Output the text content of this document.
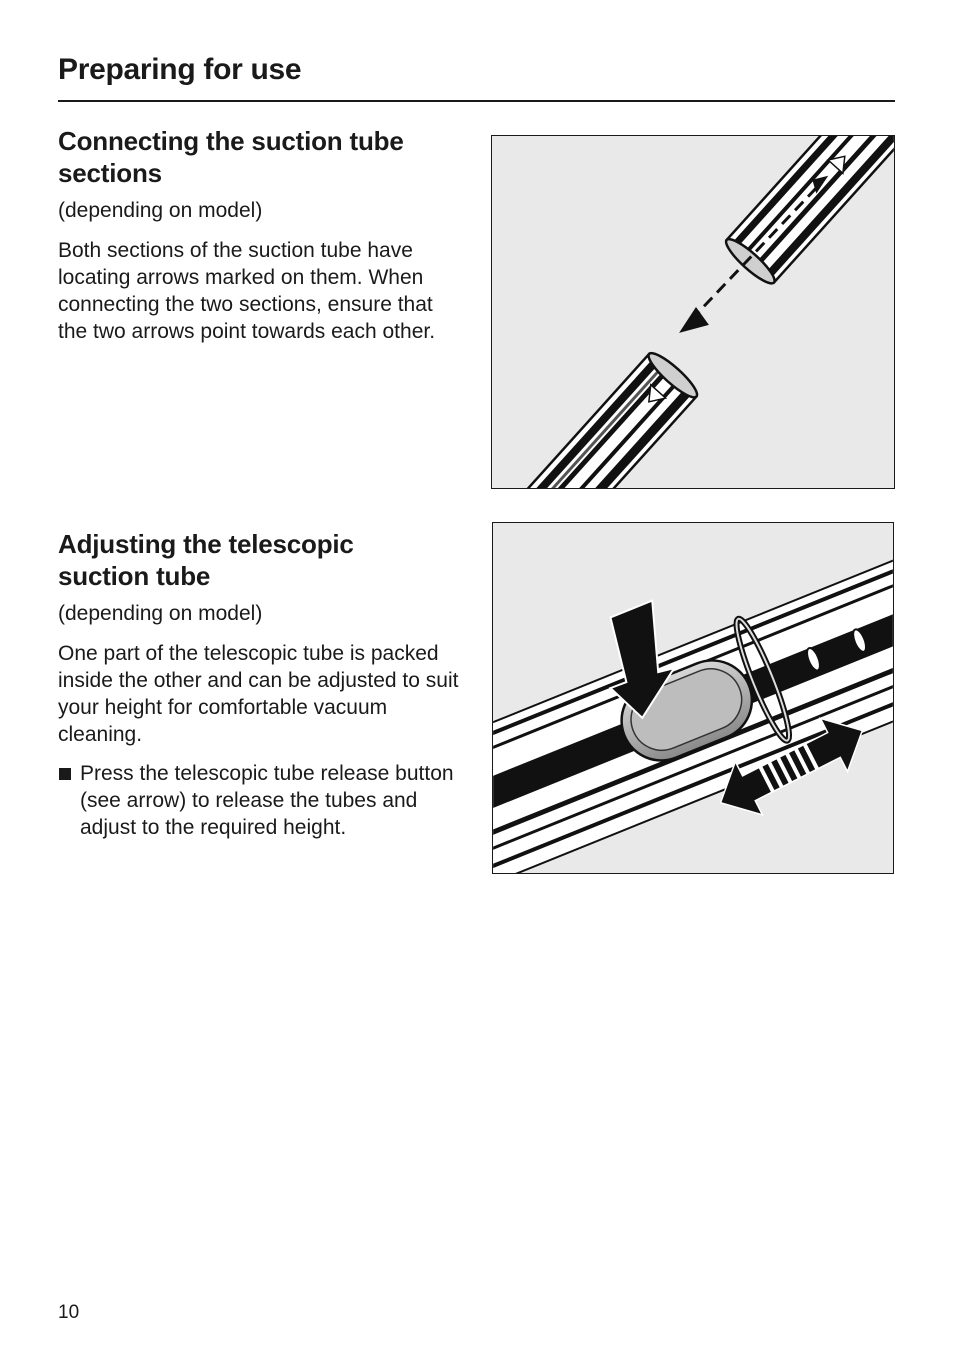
Preparing for use
Connecting the suction tube
sections

(depending on model)

Both sections of the suction tube have locating arrows marked on them. When connecting the two sections, ensure that the two arrows point towards each other.

Adjusting the telescopic
suction tube

(depending on model)

One part of the telescopic tube is packed inside the other and can be adjusted to suit your height for comfortable vacuum cleaning.

Press the telescopic tube release button (see arrow) to release the tubes and adjust to the required height.
10
